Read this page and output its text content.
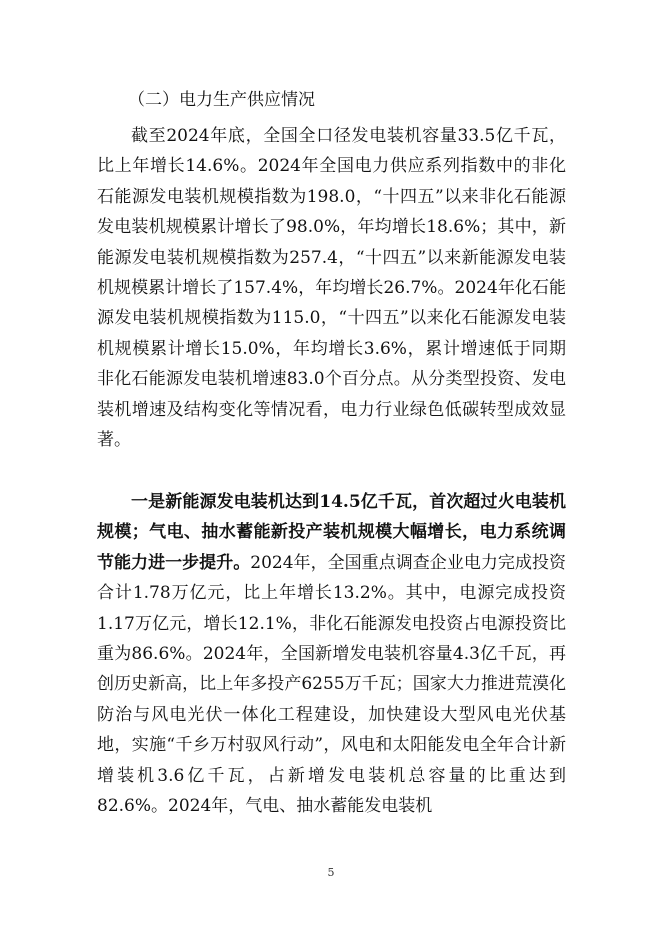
（二）电力生产供应情况

截至2024年底，全国全口径发电装机容量33.5亿千瓦，比上年增长14.6%。2024年全国电力供应系列指数中的非化石能源发电装机规模指数为198.0，“十四五”以来非化石能源发电装机规模累计增长了98.0%，年均增长18.6%；其中，新能源发电装机规模指数为257.4，“十四五”以来新能源发电装机规模累计增长了157.4%，年均增长26.7%。2024年化石能源发电装机规模指数为115.0，“十四五”以来化石能源发电装机规模累计增长15.0%，年均增长3.6%，累计增速低于同期非化石能源发电装机增速83.0个百分点。从分类型投资、发电装机增速及结构变化等情况看，电力行业绿色低碳转型成效显著。

一是新能源发电装机达到14.5亿千瓦，首次超过火电装机规模；气电、抽水蓄能新投产装机规模大幅增长，电力系统调节能力进一步提升。2024年，全国重点调查企业电力完成投资合计1.78万亿元，比上年增长13.2%。其中，电源完成投资1.17万亿元，增长12.1%，非化石能源发电投资占电源投资比重为86.6%。2024年，全国新增发电装机容量4.3亿千瓦，再创历史新高，比上年多投产6255万千瓦；国家大力推进荒漠化防治与风电光伏一体化工程建设，加快建设大型风电光伏基地，实施“千乡万村驭风行动”，风电和太阳能发电全年合计新增装机3.6亿千瓦，占新增发电装机总容量的比重达到82.6%。2024年，气电、抽水蓄能发电装机

5
